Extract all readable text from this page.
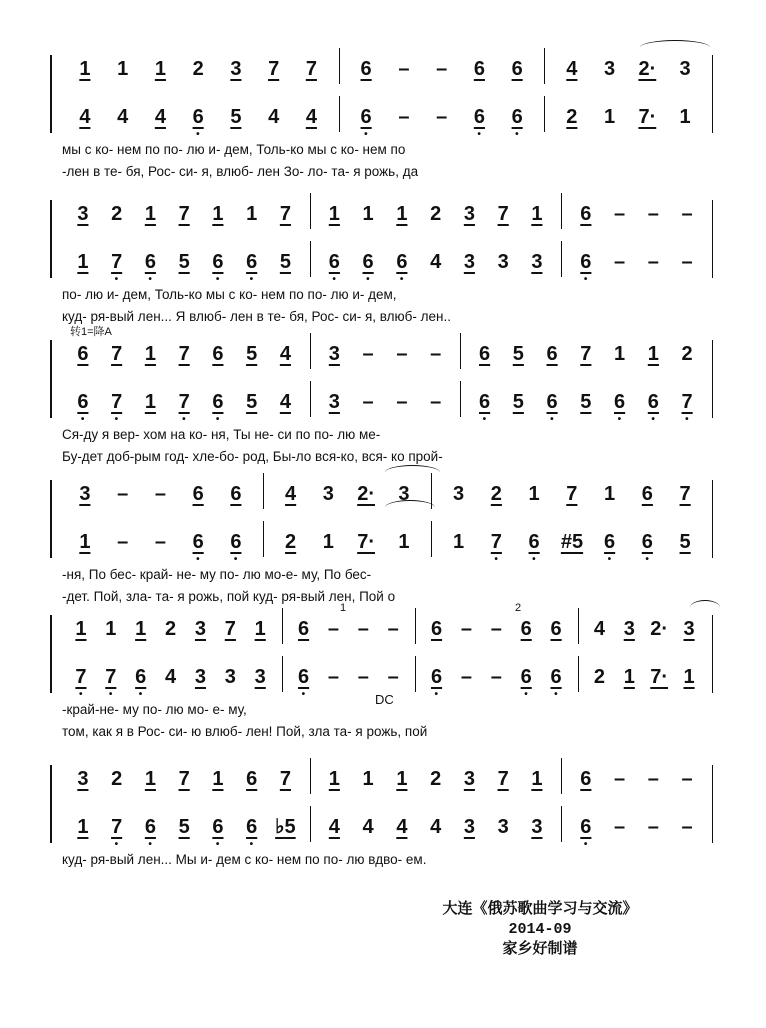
1 1 1 2 3 7 7 6 – – 6 6 4 3 2· 3
4 4 4 6
•
5 4 4 6
•
– – 6
•
6
•
2 1 7· 1
мы с ко- нем по по- лю и- дем, Толь-ко мы с ко- нем по
-лен в те- бя, Рос- си- я, влюб- лен Зо- ло- та- я рожь, да
3 2 1 7 1 1 7 1 1 1 2 3 7 1 6 – – –
1 7
•
6
•
5 6
•
6
•
5 6
•
6
•
6
•
4 3 3 3 6
•
– – –
по- лю и- дем, Толь-ко мы с ко- нем по по- лю и- дем,
куд- ря-вый лен... Я влюб- лен в те- бя, Рос- си- я, влюб- лен..
转1=降A
6 7 1 7 6 5 4 3 – – – 6 5 6 7 1 1 2
6
•
7
•
1 7
•
6
•
5 4 3 – – – 6
•
5 6
•
5 6
•
6
•
7
•
Ся-ду я вер- хом на ко- ня, Ты не- си по по- лю ме-
Бу-дет доб-рым год- хле-бо- род, Бы-ло вся-ко, вся- ко прой-
3 – – 6 6 4 3 2· 3 3 2 1 7 1 6 7
1 – – 6
•
6
•
2 1 7· 1 1 7
•
6
•
#5 6
•
6
•
5
-ня, По бес- край- не- му по- лю мо-е- му, По бес-
-дет. Пой, зла- та- я рожь, пой куд- ря-вый лен, Пой о
1 1 1 2 3 7 1 6 – – – 6 – – 6 6 4 3 2· 3
7
•
7
•
6
•
4 3 3 3 6
•
– – – 6
•
– – 6
•
6
•
2 1 7· 1
-край-не- му по- лю мо- е- му,
том, как я в Рос- си- ю влюб- лен! Пой, зла та- я рожь, пой
1	2
DC
3 2 1 7 1 6 7 1 1 1 2 3 7 1 6 – – –
1 7
•
6
•
5 6
•
6
•
♭5 4 4 4 4 3 3 3 6
•
– – –
куд- ря-вый лен... Мы и- дем с ко- нем по по- лю вдво- ем.
大连《俄苏歌曲学习与交流》
2014-09
家乡好制谱
